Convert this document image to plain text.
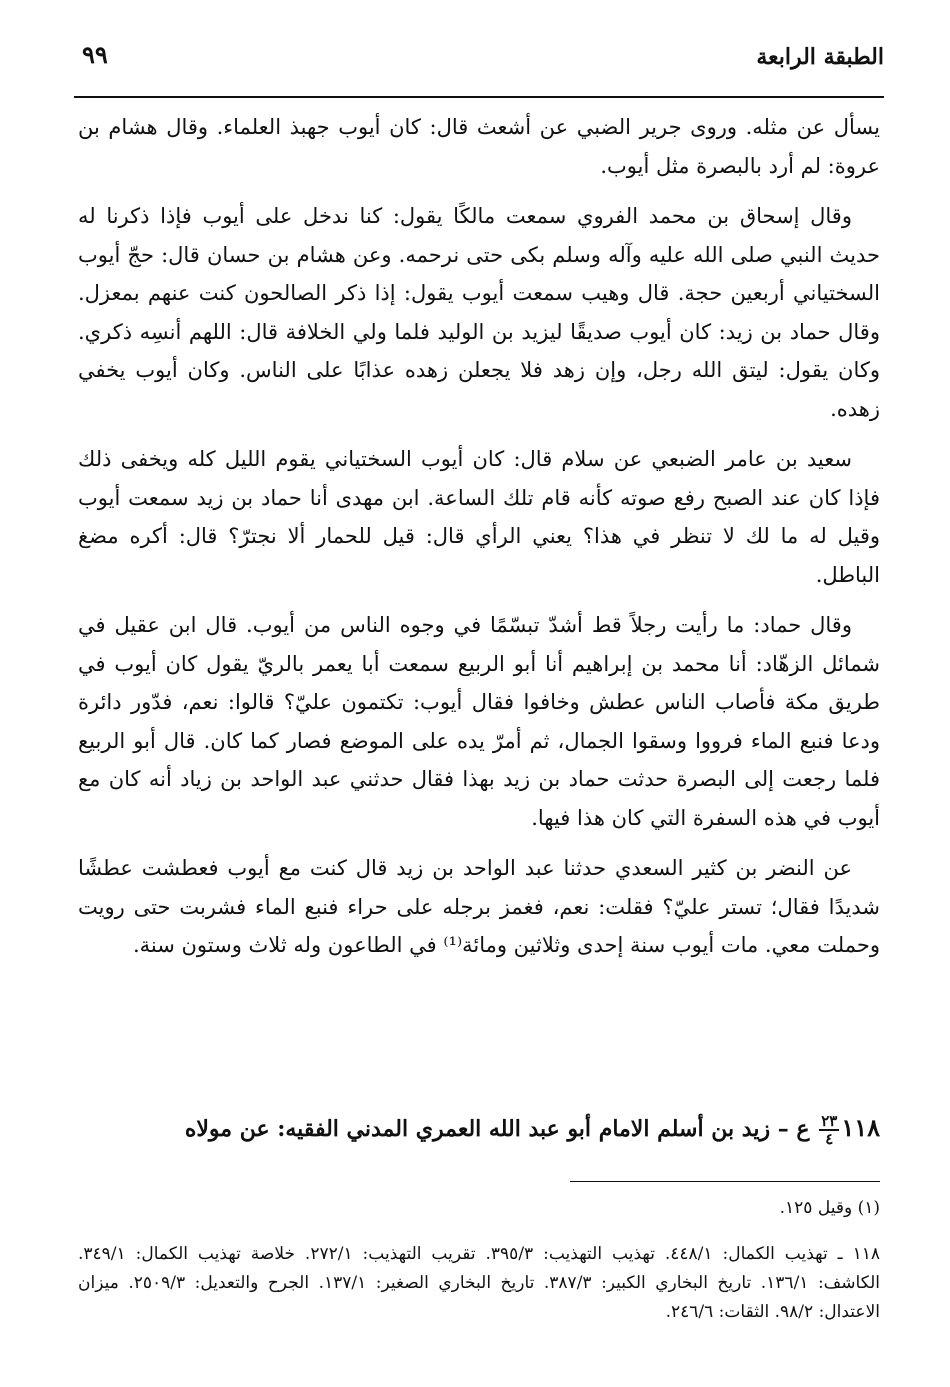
الطبقة الرابعة
٩٩

يسأل عن مثله. وروى جرير الضبي عن أشعث قال: كان أيوب جهبذ العلماء. وقال هشام بن عروة: لم أرد بالبصرة مثل أيوب.

وقال إسحاق بن محمد الفروي سمعت مالكًا يقول: كنا ندخل على أيوب فإذا ذكرنا له حديث النبي صلى الله عليه وآله وسلم بكى حتى نرحمه. وعن هشام بن حسان قال: حجّ أيوب السختياني أربعين حجة. قال وهيب سمعت أيوب يقول: إذا ذكر الصالحون كنت عنهم بمعزل. وقال حماد بن زيد: كان أيوب صديقًا ليزيد بن الوليد فلما ولي الخلافة قال: اللهم أنسِه ذكري. وكان يقول: ليتق الله رجل، وإن زهد فلا يجعلن زهده عذابًا على الناس. وكان أيوب يخفي زهده.

سعيد بن عامر الضبعي عن سلام قال: كان أيوب السختياني يقوم الليل كله ويخفى ذلك فإذا كان عند الصبح رفع صوته كأنه قام تلك الساعة. ابن مهدى أنا حماد بن زيد سمعت أيوب وقيل له ما لك لا تنظر في هذا؟ يعني الرأي قال: قيل للحمار ألا نجترّ؟ قال: أكره مضغ الباطل.

وقال حماد: ما رأيت رجلاً قط أشدّ تبسّمًا في وجوه الناس من أيوب. قال ابن عقيل في شمائل الزهّاد: أنا محمد بن إبراهيم أنا أبو الربيع سمعت أبا يعمر بالريّ يقول كان أيوب في طريق مكة فأصاب الناس عطش وخافوا فقال أيوب: تكتمون عليّ؟ قالوا: نعم، فدّور دائرة ودعا فنبع الماء فرووا وسقوا الجمال، ثم أمرّ يده على الموضع فصار كما كان. قال أبو الربيع فلما رجعت إلى البصرة حدثت حماد بن زيد بهذا فقال حدثني عبد الواحد بن زياد أنه كان مع أيوب في هذه السفرة التي كان هذا فيها.

عن النضر بن كثير السعدي حدثنا عبد الواحد بن زيد قال كنت مع أيوب فعطشت عطشًا شديدًا فقال؛ تستر عليّ؟ فقلت: نعم، فغمز برجله على حراء فنبع الماء فشربت حتى رويت وحملت معي. مات أيوب سنة إحدى وثلاثين ومائة⁽¹⁾ في الطاعون وله ثلاث وستون سنة.

١١٨
$\frac{٢٣}{٤}$
ع – زيد بن أسلم الامام أبو عبد الله العمري المدني الفقيه: عن مولاه
(١) وقيل ١٢٥.
١١٨ ـ تهذيب الكمال: ٤٤٨/١. تهذيب التهذيب: ٣٩٥/٣. تقريب التهذيب: ٢٧٢/١. خلاصة تهذيب الكمال: ٣٤٩/١. الكاشف: ١٣٦/١. تاريخ البخاري الكبير: ٣٨٧/٣. تاريخ البخاري الصغير: ١٣٧/١. الجرح والتعديل: ٢٥٠٩/٣. ميزان الاعتدال: ٩٨/٢. الثقات: ٢٤٦/٦.
